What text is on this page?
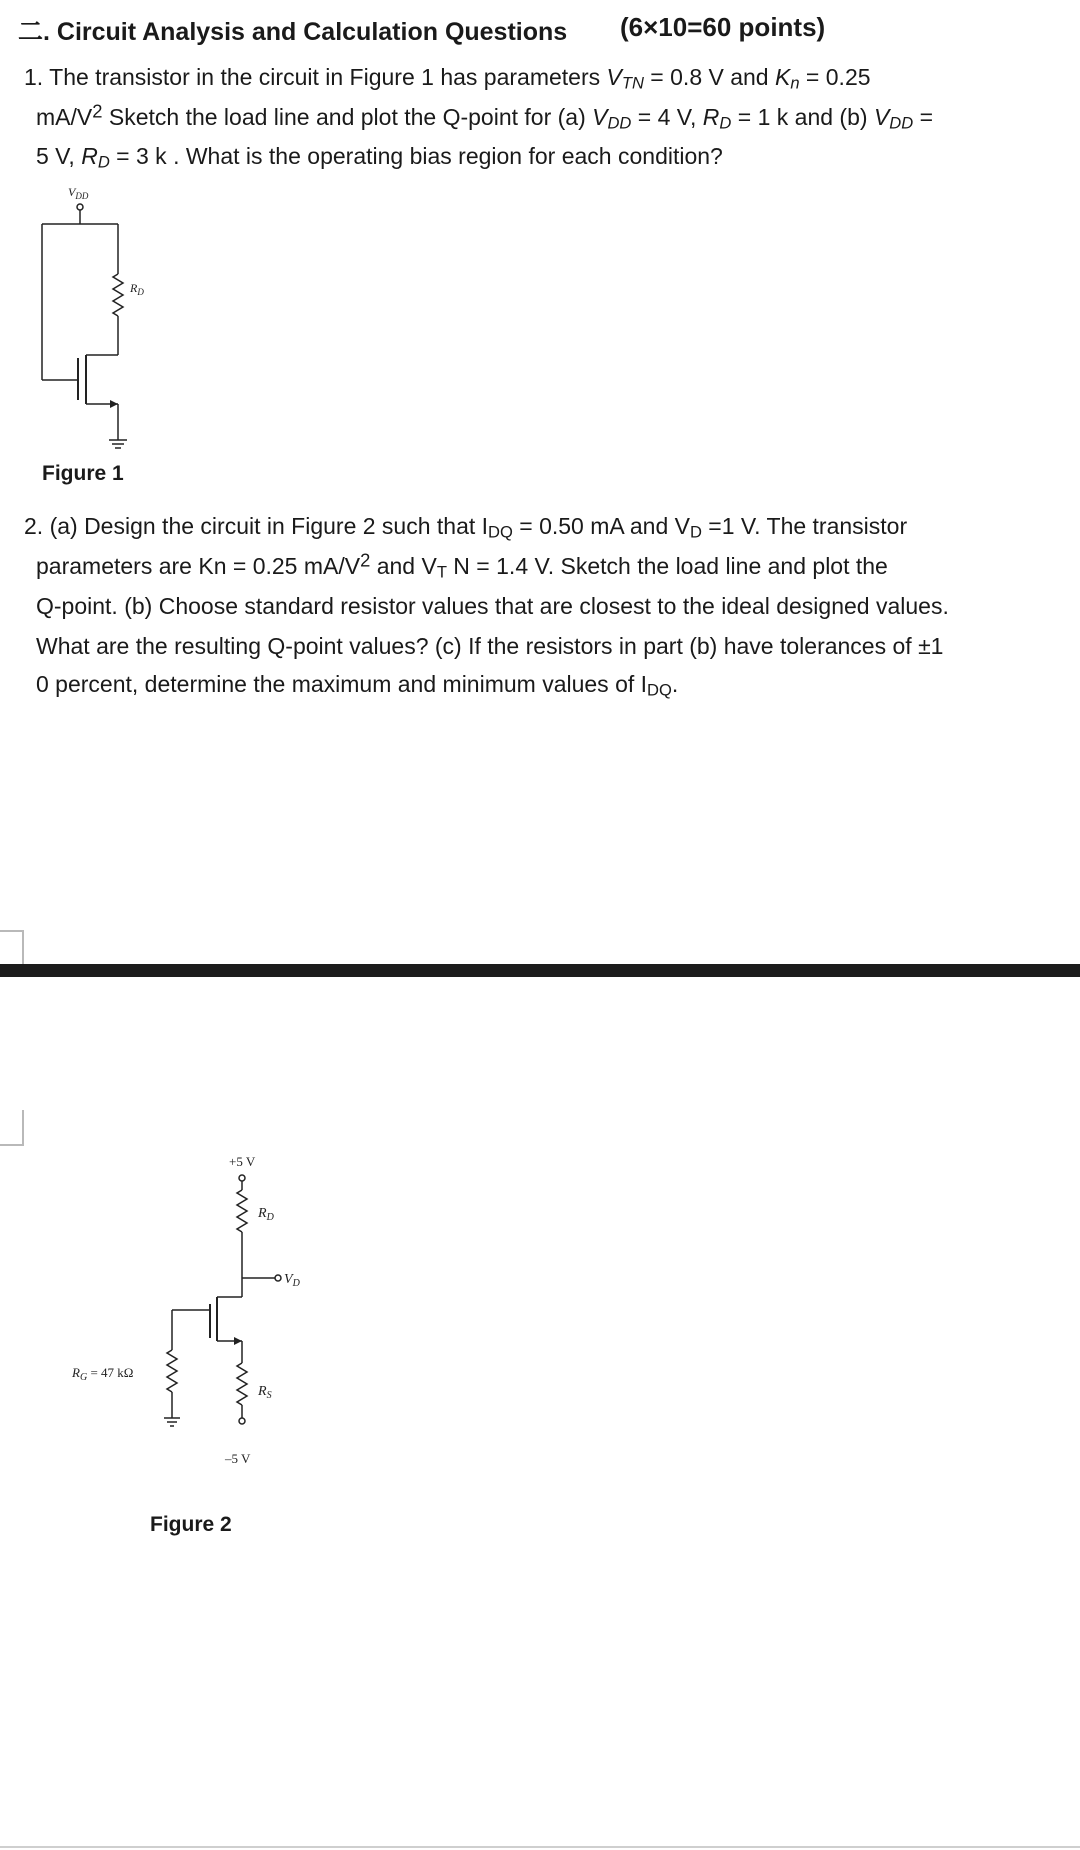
二. Circuit Analysis and Calculation Questions (6×10=60 points)
1. The transistor in the circuit in Figure 1 has parameters $V_{TN} = 0.8$ V and $K_n = 0.25$
$mA/V^2$ Sketch the load line and plot the Q-point for (a) $V_{DD} = 4$ V, $R_D = 1$ k and (b) $V_{DD}$ =
5 V, $R_D = 3$ k . What is the operating bias region for each condition?
$V_{DD}$
$R_D$
Figure 1
2. (a) Design the circuit in Figure 2 such that $I_{DQ} = 0.50$ mA and $V_D =1$ V. The transistor
parameters are Kn = 0.25 $mA/V^2$ and $V_T$ N = 1.4 V. Sketch the load line and plot the
Q-point. (b) Choose standard resistor values that are closest to the ideal designed values.
What are the resulting Q-point values? (c) If the resistors in part (b) have tolerances of ±1
0 percent, determine the maximum and minimum values of $I_{DQ}$.
+5 V
$R_D$
$V_D$
$R_G = 47$ kΩ
$R_S$
–5 V
Figure 2
